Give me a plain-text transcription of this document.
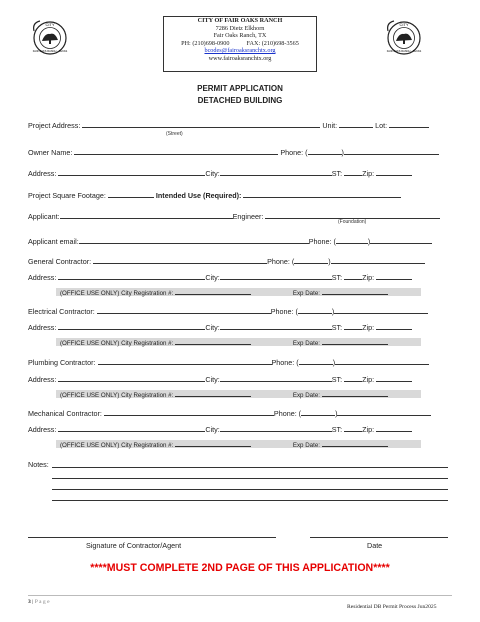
CITY
FAIR OAKS RANCH · TEXAS
CITY
FAIR OAKS RANCH · TEXAS
CITY OF FAIR OAKS RANCH
7286 Dietz Elkhorn
Fair Oaks Ranch, TX
PH: (210)698-0900	FAX: (210)698-3565
bcodes@fairoaksranchtx.org
www.fairoaksranchtx.org
PERMIT APPLICATION
DETACHED BUILDING
Project Address:	Unit:	Lot:
(Street)
Owner Name:	Phone: (	)
Address:	City:	ST:	Zip:
Project Square Footage:	Intended Use (Required):
Applicant:	Engineer:
(Foundation)
Applicant email:	Phone: (	)
General Contractor:	Phone: (	)
Address:	City:	ST:	Zip:
(OFFICE USE ONLY) City Registration #:	Exp Date:
Electrical Contractor:	Phone: (	)
Address:	City:	ST:	Zip:
(OFFICE USE ONLY) City Registration #:	Exp Date:
Plumbing Contractor:	Phone: (	)
Address:	City:	ST:	Zip:
(OFFICE USE ONLY) City Registration #:	Exp Date:
Mechanical Contractor:	Phone: (	)
Address:	City:	ST:	Zip:
(OFFICE USE ONLY) City Registration #:	Exp Date:
Notes:
Signature of Contractor/Agent	Date
****MUST COMPLETE 2ND PAGE OF THIS APPLICATION****
3 | P a g e
Residential DB Permit Process Jun2025
